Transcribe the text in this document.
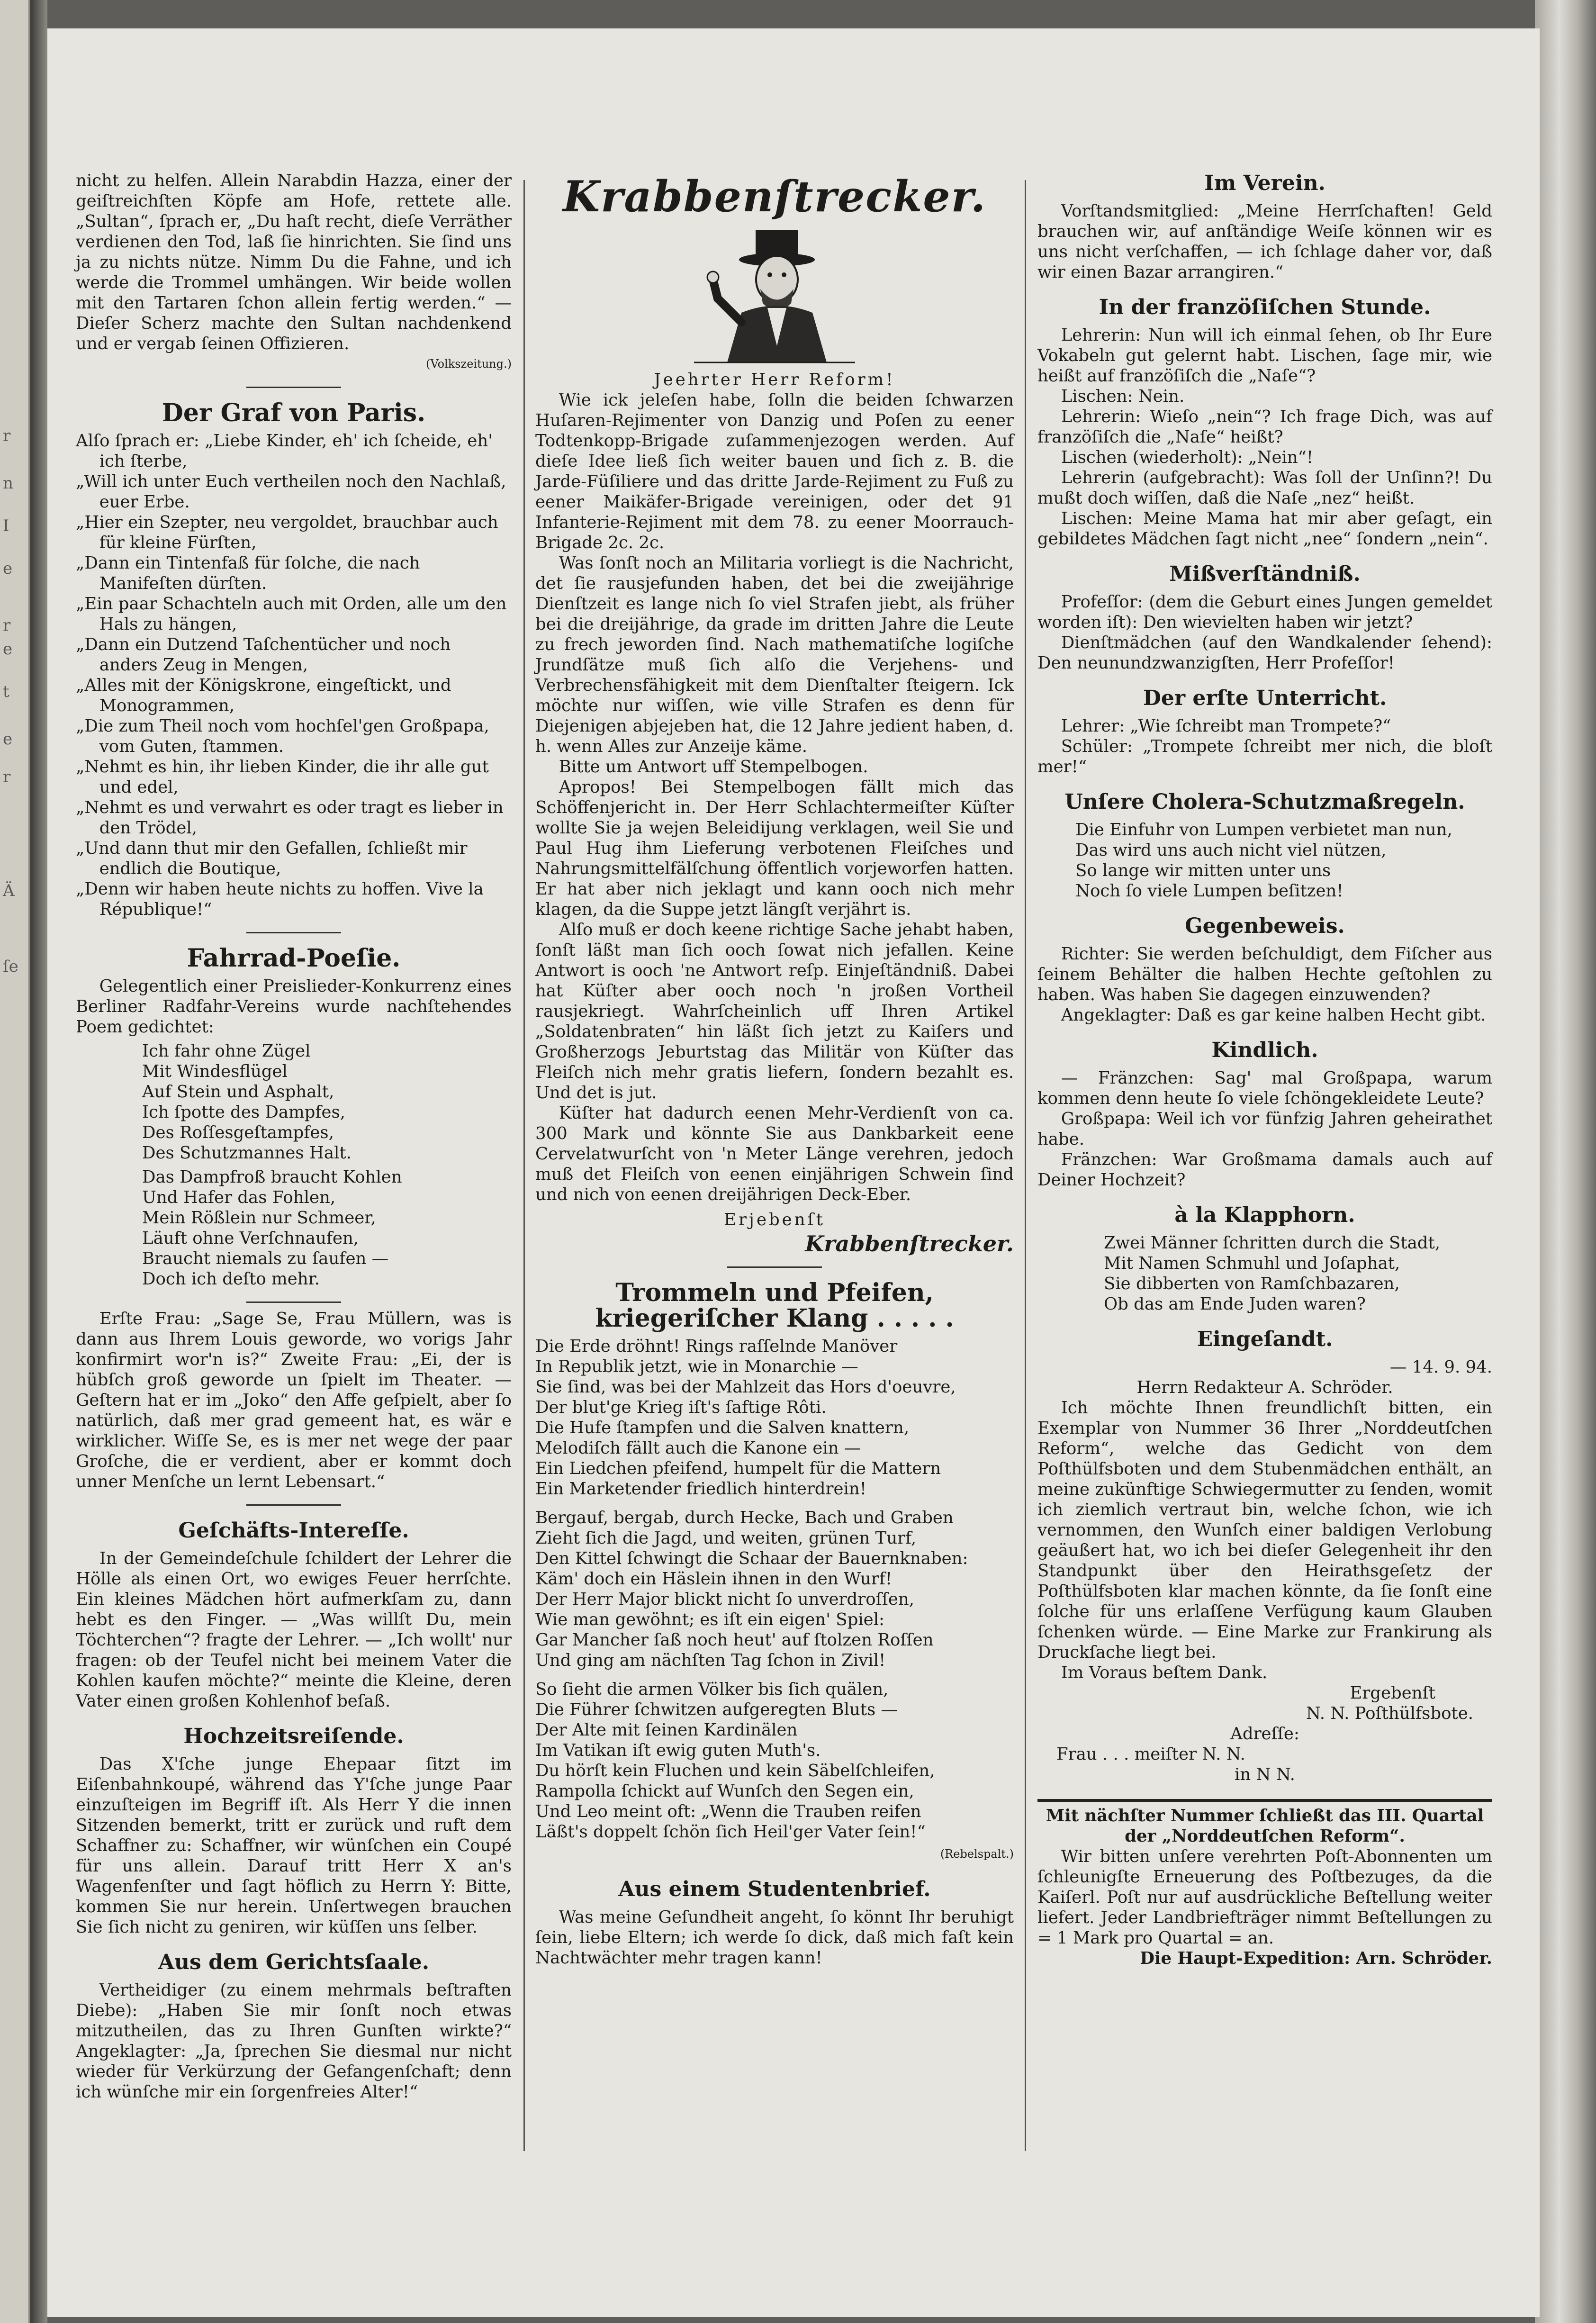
r
n
I
e
r
e
t
e
r
Ä
ſe

nicht zu helfen. Allein Narabdin Hazza, einer der geiſtreichſten Köpfe am Hofe, rettete alle. „Sultan“, ſprach er, „Du haſt recht, dieſe Verräther verdienen den Tod, laß ſie hinrichten. Sie ſind uns ja zu nichts nütze. Nimm Du die Fahne, und ich werde die Trommel umhängen. Wir beide wollen mit den Tartaren ſchon allein fertig werden.“ — Dieſer Scherz machte den Sultan nachdenkend und er vergab ſeinen Offizieren.

(Volkszeitung.)
Der Graf von Paris.
Alſo ſprach er: „Liebe Kinder, eh' ich ſcheide, eh' ich ſterbe,
„Will ich unter Euch vertheilen noch den Nachlaß, euer Erbe.
„Hier ein Szepter, neu vergoldet, brauchbar auch für kleine Fürſten,
„Dann ein Tintenfaß für ſolche, die nach Manifeſten dürſten.
„Ein paar Schachteln auch mit Orden, alle um den Hals zu hängen,
„Dann ein Dutzend Taſchentücher und noch anders Zeug in Mengen,
„Alles mit der Königskrone, eingeſtickt, und Monogrammen,
„Die zum Theil noch vom hochſel'gen Großpapa, vom Guten, ſtammen.
„Nehmt es hin, ihr lieben Kinder, die ihr alle gut und edel,
„Nehmt es und verwahrt es oder tragt es lieber in den Trödel,
„Und dann thut mir den Gefallen, ſchließt mir endlich die Boutique,
„Denn wir haben heute nichts zu hoffen. Vive la République!“
Fahrrad-Poeſie.

Gelegentlich einer Preislieder-Konkurrenz eines Berliner Radfahr-Vereins wurde nachſtehendes Poem gedichtet:

Ich fahr ohne Zügel
Mit Windesflügel
Auf Stein und Asphalt,
Ich ſpotte des Dampfes,
Des Roſſesgeſtampfes,
Des Schutzmannes Halt.
Das Dampfroß braucht Kohlen
Und Hafer das Fohlen,
Mein Rößlein nur Schmeer,
Läuft ohne Verſchnaufen,
Braucht niemals zu ſaufen —
Doch ich deſto mehr.

Erſte Frau: „Sage Se, Frau Müllern, was is dann aus Ihrem Louis geworde, wo vorigs Jahr konfirmirt wor'n is?“ Zweite Frau: „Ei, der is hübſch groß geworde un ſpielt im Theater. — Geſtern hat er im „Joko“ den Affe geſpielt, aber ſo natürlich, daß mer grad gemeent hat, es wär e wirklicher. Wiſſe Se, es is mer net wege der paar Groſche, die er verdient, aber er kommt doch unner Menſche un lernt Lebensart.“

Geſchäfts-Intereſſe.

In der Gemeindeſchule ſchildert der Lehrer die Hölle als einen Ort, wo ewiges Feuer herrſchte. Ein kleines Mädchen hört aufmerkſam zu, dann hebt es den Finger. — „Was willſt Du, mein Töchterchen“? fragte der Lehrer. — „Ich wollt' nur fragen: ob der Teufel nicht bei meinem Vater die Kohlen kaufen möchte?“ meinte die Kleine, deren Vater einen großen Kohlenhof beſaß.

Hochzeitsreiſende.

Das X'ſche junge Ehepaar ſitzt im Eiſenbahnkoupé, während das Y'ſche junge Paar einzuſteigen im Begriff iſt. Als Herr Y die innen Sitzenden bemerkt, tritt er zurück und ruft dem Schaffner zu: Schaffner, wir wünſchen ein Coupé für uns allein. Darauf tritt Herr X an's Wagenfenſter und ſagt höflich zu Herrn Y: Bitte, kommen Sie nur herein. Unſertwegen brauchen Sie ſich nicht zu geniren, wir küſſen uns ſelber.

Aus dem Gerichtsſaale.

Vertheidiger (zu einem mehrmals beſtraften Diebe): „Haben Sie mir ſonſt noch etwas mitzutheilen, das zu Ihren Gunſten wirkte?“ Angeklagter: „Ja, ſprechen Sie diesmal nur nicht wieder für Verkürzung der Gefangenſchaft; denn ich wünſche mir ein ſorgenfreies Alter!“

Krabbenſtrecker.
Jeehrter Herr Reform!

Wie ick jeleſen habe, ſolln die beiden ſchwarzen Huſaren-Rejimenter von Danzig und Poſen zu eener Todtenkopp-Brigade zuſammenjezogen werden. Auf dieſe Idee ließ ſich weiter bauen und ſich z. B. die Jarde-Füſiliere und das dritte Jarde-Rejiment zu Fuß zu eener Maikäfer-Brigade vereinigen, oder det 91 Infanterie-Rejiment mit dem 78. zu eener Moorrauch-Brigade 2c. 2c.

Was ſonſt noch an Militaria vorliegt is die Nachricht, det ſie rausjefunden haben, det bei die zweijährige Dienſtzeit es lange nich ſo viel Strafen jiebt, als früher bei die dreijährige, da grade im dritten Jahre die Leute zu frech jeworden ſind. Nach mathematiſche logiſche Jrundſätze muß ſich alſo die Verjehens- und Verbrechensfähigkeit mit dem Dienſtalter ſteigern. Ick möchte nur wiſſen, wie ville Strafen es denn für Diejenigen abjejeben hat, die 12 Jahre jedient haben, d. h. wenn Alles zur Anzeije käme.

Bitte um Antwort uff Stempelbogen.

Apropos! Bei Stempelbogen fällt mich das Schöffenjericht in. Der Herr Schlachtermeiſter Küſter wollte Sie ja wejen Beleidijung verklagen, weil Sie und Paul Hug ihm Lieferung verbotenen Fleiſches und Nahrungsmittelfälſchung öffentlich vorjeworfen hatten. Er hat aber nich jeklagt und kann ooch nich mehr klagen, da die Suppe jetzt längſt verjährt is.

Alſo muß er doch keene richtige Sache jehabt haben, ſonſt läßt man ſich ooch ſowat nich jefallen. Keine Antwort is ooch 'ne Antwort reſp. Einjeſtändniß. Dabei hat Küſter aber ooch noch 'n jroßen Vortheil rausjekriegt. Wahrſcheinlich uff Ihren Artikel „Soldatenbraten“ hin läßt ſich jetzt zu Kaiſers und Großherzogs Jeburtstag das Militär von Küſter das Fleiſch nich mehr gratis liefern, ſondern bezahlt es. Und det is jut.

Küſter hat dadurch eenen Mehr-Verdienſt von ca. 300 Mark und könnte Sie aus Dankbarkeit eene Cervelatwurſcht von 'n Meter Länge verehren, jedoch muß det Fleiſch von eenen einjährigen Schwein ſind und nich von eenen dreijährigen Deck-Eber.

Erjebenſt
Krabbenſtrecker.
Trommeln und Pfeifen,
kriegeriſcher Klang . . . . .
Die Erde dröhnt! Rings raſſelnde Manöver
In Republik jetzt, wie in Monarchie —
Sie ſind, was bei der Mahlzeit das Hors d'oeuvre,
Der blut'ge Krieg iſt's ſaftige Rôti.
Die Hufe ſtampfen und die Salven knattern,
Melodiſch fällt auch die Kanone ein —
Ein Liedchen pfeifend, humpelt für die Mattern
Ein Marketender friedlich hinterdrein!
Bergauf, bergab, durch Hecke, Bach und Graben
Zieht ſich die Jagd, und weiten, grünen Turf,
Den Kittel ſchwingt die Schaar der Bauernknaben:
Käm' doch ein Häslein ihnen in den Wurf!
Der Herr Major blickt nicht ſo unverdroſſen,
Wie man gewöhnt; es iſt ein eigen' Spiel:
Gar Mancher ſaß noch heut' auf ſtolzen Roſſen
Und ging am nächſten Tag ſchon in Zivil!
So ſieht die armen Völker bis ſich quälen,
Die Führer ſchwitzen aufgeregten Bluts —
Der Alte mit ſeinen Kardinälen
Im Vatikan iſt ewig guten Muth's.
Du hörſt kein Fluchen und kein Säbelſchleifen,
Rampolla ſchickt auf Wunſch den Segen ein,
Und Leo meint oft: „Wenn die Trauben reifen
Läßt's doppelt ſchön ſich Heil'ger Vater ſein!“
(Rebelspalt.)
Aus einem Studentenbrief.

Was meine Geſundheit angeht, ſo könnt Ihr beruhigt ſein, liebe Eltern; ich werde ſo dick, daß mich faſt kein Nachtwächter mehr tragen kann!

Im Verein.

Vorſtandsmitglied: „Meine Herrſchaften! Geld brauchen wir, auf anſtändige Weiſe können wir es uns nicht verſchaffen, — ich ſchlage daher vor, daß wir einen Bazar arrangiren.“

In der franzöſiſchen Stunde.

Lehrerin: Nun will ich einmal ſehen, ob Ihr Eure Vokabeln gut gelernt habt. Lischen, ſage mir, wie heißt auf franzöſiſch die „Naſe“?

Lischen: Nein.

Lehrerin: Wieſo „nein“? Ich frage Dich, was auf franzöſiſch die „Naſe“ heißt?

Lischen (wiederholt): „Nein“!

Lehrerin (aufgebracht): Was ſoll der Unſinn?! Du mußt doch wiſſen, daß die Naſe „nez“ heißt.

Lischen: Meine Mama hat mir aber geſagt, ein gebildetes Mädchen ſagt nicht „nee“ ſondern „nein“.

Mißverſtändniß.

Profeſſor: (dem die Geburt eines Jungen gemeldet worden iſt): Den wievielten haben wir jetzt?

Dienſtmädchen (auf den Wandkalender ſehend): Den neunundzwanzigſten, Herr Profeſſor!

Der erſte Unterricht.

Lehrer: „Wie ſchreibt man Trompete?“

Schüler: „Trompete ſchreibt mer nich, die bloſt mer!“

Unſere Cholera-Schutzmaßregeln.
Die Einfuhr von Lumpen verbietet man nun,
Das wird uns auch nicht viel nützen,
So lange wir mitten unter uns
Noch ſo viele Lumpen beſitzen!
Gegenbeweis.

Richter: Sie werden beſchuldigt, dem Fiſcher aus ſeinem Behälter die halben Hechte geſtohlen zu haben. Was haben Sie dagegen einzuwenden?

Angeklagter: Daß es gar keine halben Hecht gibt.

Kindlich.

— Fränzchen: Sag' mal Großpapa, warum kommen denn heute ſo viele ſchöngekleidete Leute?

Großpapa: Weil ich vor fünfzig Jahren geheirathet habe.

Fränzchen: War Großmama damals auch auf Deiner Hochzeit?

à la Klapphorn.
Zwei Männer ſchritten durch die Stadt,
Mit Namen Schmuhl und Joſaphat,
Sie dibberten von Ramſchbazaren,
Ob das am Ende Juden waren?
Eingeſandt.
— 14. 9. 94.
Herrn Redakteur A. Schröder.

Ich möchte Ihnen freundlichſt bitten, ein Exemplar von Nummer 36 Ihrer „Norddeutſchen Reform“, welche das Gedicht von dem Poſthülfsboten und dem Stubenmädchen enthält, an meine zukünftige Schwiegermutter zu ſenden, womit ich ziemlich vertraut bin, welche ſchon, wie ich vernommen, den Wunſch einer baldigen Verlobung geäußert hat, wo ich bei dieſer Gelegenheit ihr den Standpunkt über den Heirathsgeſetz der Poſthülfsboten klar machen könnte, da ſie ſonſt eine ſolche für uns erlaſſene Verfügung kaum Glauben ſchenken würde. — Eine Marke zur Frankirung als Druckſache liegt bei.

Im Voraus beſtem Dank.

Ergebenſt
N. N. Poſthülfsbote.
Adreſſe:
Frau . . . meiſter N. N.
in N N.
Mit nächſter Nummer ſchließt das III. Quartal der „Norddeutſchen Reform“.

Wir bitten unſere verehrten Poſt-Abonnenten um ſchleunigſte Erneuerung des Poſtbezuges, da die Kaiſerl. Poſt nur auf ausdrückliche Beſtellung weiter liefert. Jeder Landbriefträger nimmt Beſtellungen zu = 1 Mark pro Quartal = an.

Die Haupt-Expedition: Arn. Schröder.
